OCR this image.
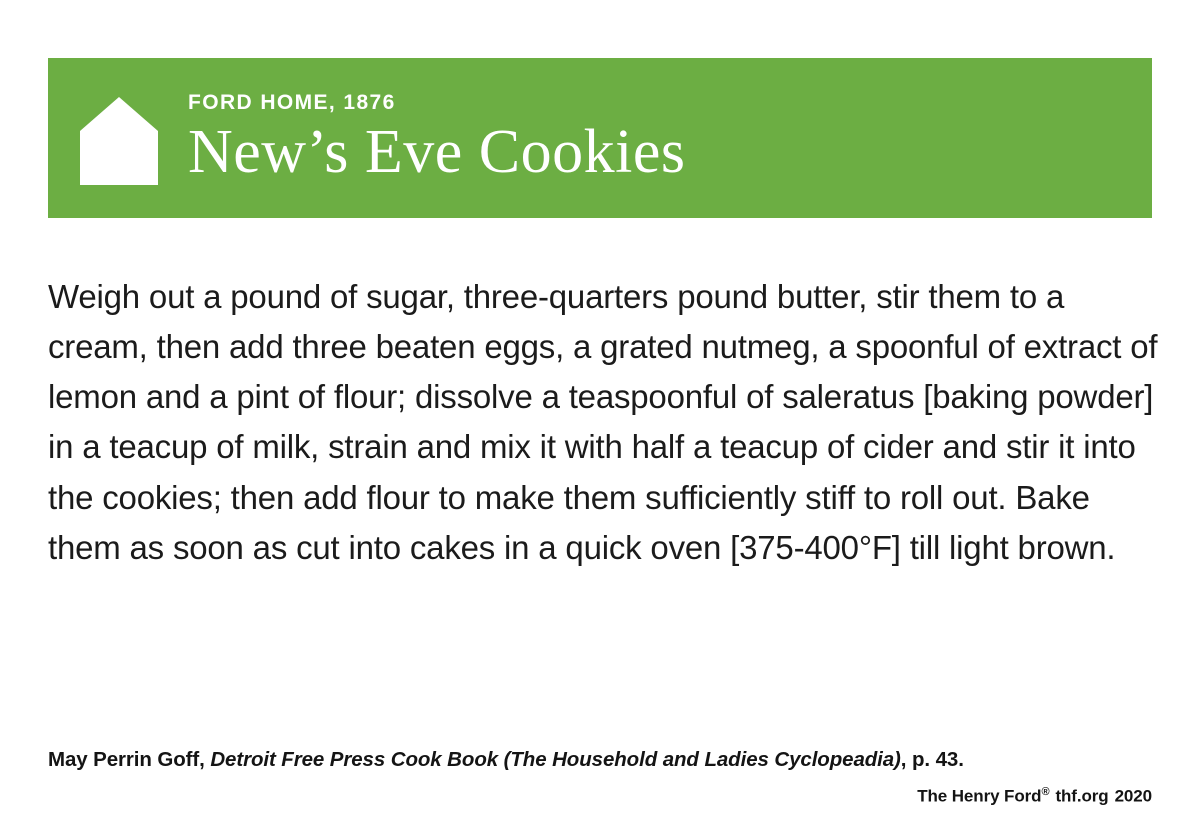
FORD HOME, 1876
New’s Eve Cookies
Weigh out a pound of sugar, three-quarters pound butter, stir them to a cream, then add three beaten eggs, a grated nutmeg, a spoonful of extract of lemon and a pint of flour; dissolve a teaspoonful of saleratus [baking powder] in a teacup of milk, strain and mix it with half a teacup of cider and stir it into the cookies; then add flour to make them sufficiently stiff to roll out. Bake them as soon as cut into cakes in a quick oven [375-400°F] till light brown.
May Perrin Goff, Detroit Free Press Cook Book (The Household and Ladies Cyclopeadia), p. 43.
The Henry Ford® thf.org 2020
